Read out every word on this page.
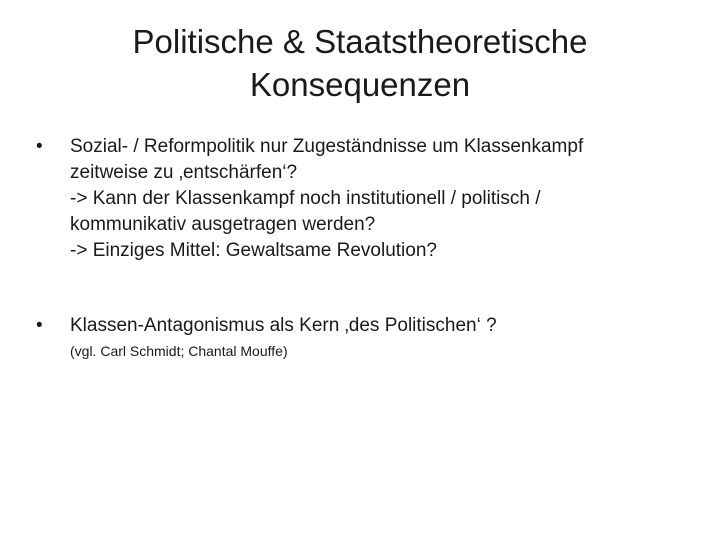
Politische & Staatstheoretische
Konsequenzen
•	Sozial- / Reformpolitik nur Zugeständnisse um Klassenkampf
zeitweise zu ‚entschärfen‘?
-> Kann der Klassenkampf noch institutionell / politisch /
kommunikativ ausgetragen werden?
-> Einziges Mittel: Gewaltsame Revolution?
•	Klassen-Antagonismus als Kern ‚des Politischen‘ ?
(vgl. Carl Schmidt; Chantal Mouffe)
